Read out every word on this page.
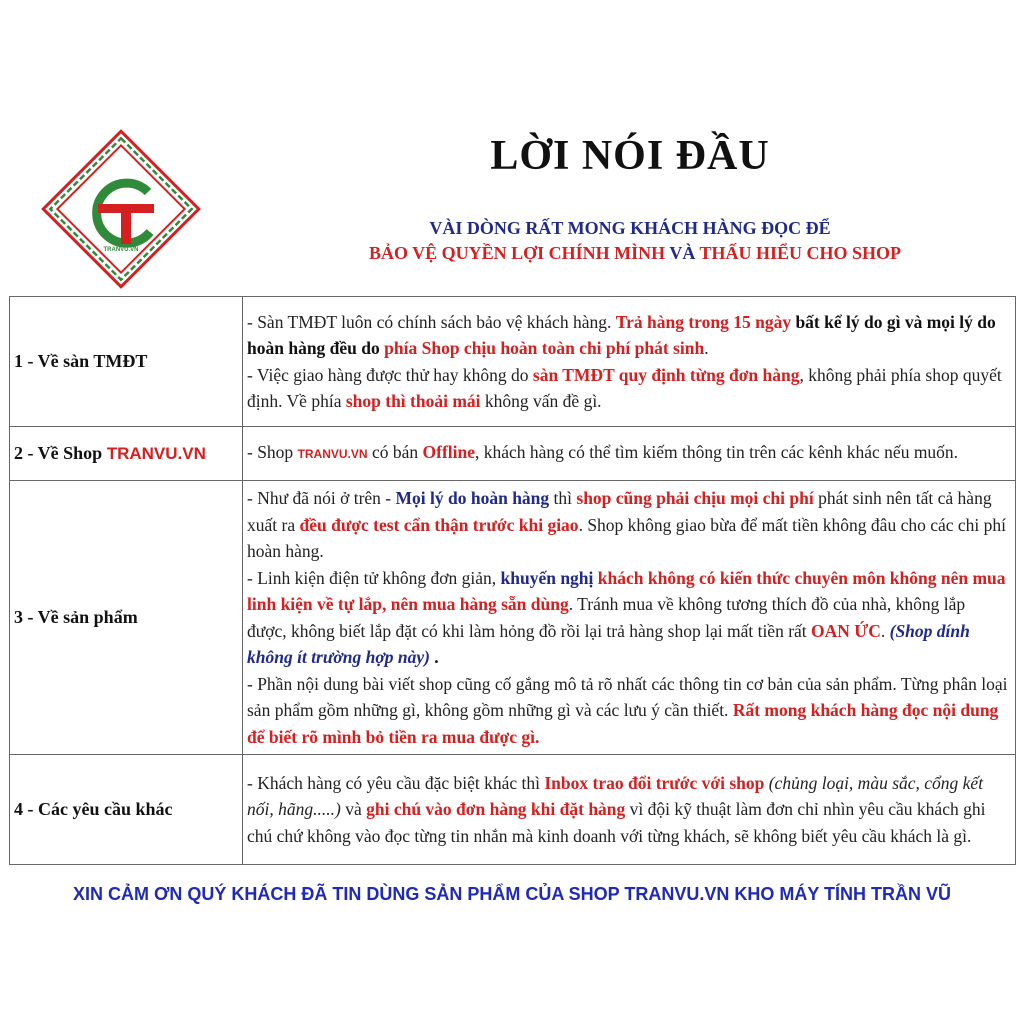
TRANVU.VN
LỜI NÓI ĐẦU
VÀI DÒNG RẤT MONG KHÁCH HÀNG ĐỌC ĐỂ
BẢO VỆ QUYỀN LỢI CHÍNH MÌNH VÀ THẤU HIỂU CHO SHOP
1 - Về sàn TMĐT	- Sàn TMĐT luôn có chính sách bảo vệ khách hàng. Trả hàng trong 15 ngày bất kể lý do gì và mọi lý do hoàn hàng đều do phía Shop chịu hoàn toàn chi phí phát sinh.
- Việc giao hàng được thử hay không do sàn TMĐT quy định từng đơn hàng, không phải phía shop quyết định. Về phía shop thì thoải mái không vấn đề gì.
2 - Về Shop TRANVU.VN	- Shop TRANVU.VN có bán Offline, khách hàng có thể tìm kiếm thông tin trên các kênh khác nếu muốn.
3 - Về sản phẩm	- Như đã nói ở trên - Mọi lý do hoàn hàng thì shop cũng phải chịu mọi chi phí phát sinh nên tất cả hàng xuất ra đều được test cẩn thận trước khi giao. Shop không giao bừa để mất tiền không đâu cho các chi phí hoàn hàng.
- Linh kiện điện tử không đơn giản, khuyến nghị khách không có kiến thức chuyên môn không nên mua linh kiện về tự lắp, nên mua hàng sẵn dùng. Tránh mua về không tương thích đồ của nhà, không lắp được, không biết lắp đặt có khi làm hỏng đồ rồi lại trả hàng shop lại mất tiền rất OAN ỨC. (Shop dính không ít trường hợp này) .
- Phần nội dung bài viết shop cũng cố gắng mô tả rõ nhất các thông tin cơ bản của sản phẩm. Từng phân loại sản phẩm gồm những gì, không gồm những gì và các lưu ý cần thiết. Rất mong khách hàng đọc nội dung để biết rõ mình bỏ tiền ra mua được gì.
4 - Các yêu cầu khác	- Khách hàng có yêu cầu đặc biệt khác thì Inbox trao đổi trước với shop (chủng loại, màu sắc, cổng kết nối, hãng.....) và ghi chú vào đơn hàng khi đặt hàng vì đội kỹ thuật làm đơn chỉ nhìn yêu cầu khách ghi chú chứ không vào đọc từng tin nhắn mà kinh doanh với từng khách, sẽ không biết yêu cầu khách là gì.
XIN CẢM ƠN QUÝ KHÁCH ĐÃ TIN DÙNG SẢN PHẨM CỦA SHOP TRANVU.VN KHO MÁY TÍNH TRẦN VŨ
